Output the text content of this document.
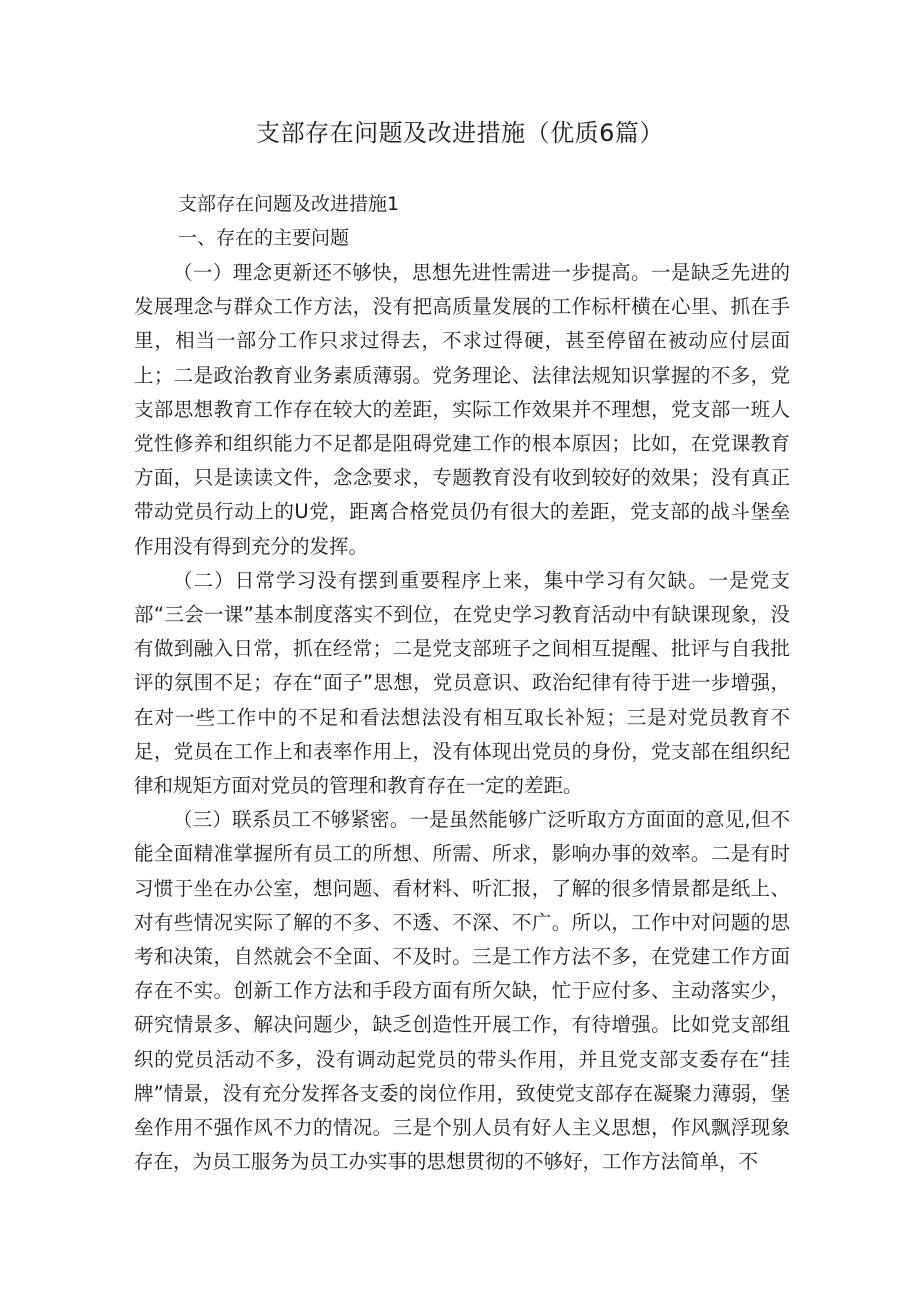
支部存在问题及改进措施（优质6篇）
支部存在问题及改进措施1
一、存在的主要问题

（一）理念更新还不够快，思想先进性需进一步提高。一是缺乏先进的发展理念与群众工作方法，没有把高质量发展的工作标杆横在心里、抓在手里，相当一部分工作只求过得去，不求过得硬，甚至停留在被动应付层面上；二是政治教育业务素质薄弱。党务理论、法律法规知识掌握的不多，党支部思想教育工作存在较大的差距，实际工作效果并不理想，党支部一班人党性修养和组织能力不足都是阻碍党建工作的根本原因；比如，在党课教育方面，只是读读文件，念念要求，专题教育没有收到较好的效果；没有真正带动党员行动上的U党，距离合格党员仍有很大的差距，党支部的战斗堡垒作用没有得到充分的发挥。

（二）日常学习没有摆到重要程序上来，集中学习有欠缺。一是党支部“三会一课”基本制度落实不到位，在党史学习教育活动中有缺课现象，没有做到融入日常，抓在经常；二是党支部班子之间相互提醒、批评与自我批评的氛围不足；存在“面子”思想，党员意识、政治纪律有待于进一步增强，在对一些工作中的不足和看法想法没有相互取长补短；三是对党员教育不足，党员在工作上和表率作用上，没有体现出党员的身份，党支部在组织纪律和规矩方面对党员的管理和教育存在一定的差距。

（三）联系员工不够紧密。一是虽然能够广泛听取方方面面的意见,但不能全面精准掌握所有员工的所想、所需、所求，影响办事的效率。二是有时习惯于坐在办公室，想问题、看材料、听汇报，了解的很多情景都是纸上、对有些情况实际了解的不多、不透、不深、不广。所以，工作中对问题的思考和决策，自然就会不全面、不及时。三是工作方法不多，在党建工作方面存在不实。创新工作方法和手段方面有所欠缺，忙于应付多、主动落实少，研究情景多、解决问题少，缺乏创造性开展工作，有待增强。比如党支部组织的党员活动不多，没有调动起党员的带头作用，并且党支部支委存在“挂牌”情景，没有充分发挥各支委的岗位作用，致使党支部存在凝聚力薄弱，堡垒作用不强作风不力的情况。三是个别人员有好人主义思想，作风飘浮现象存在，为员工服务为员工办实事的思想贯彻的不够好，工作方法简单，不
